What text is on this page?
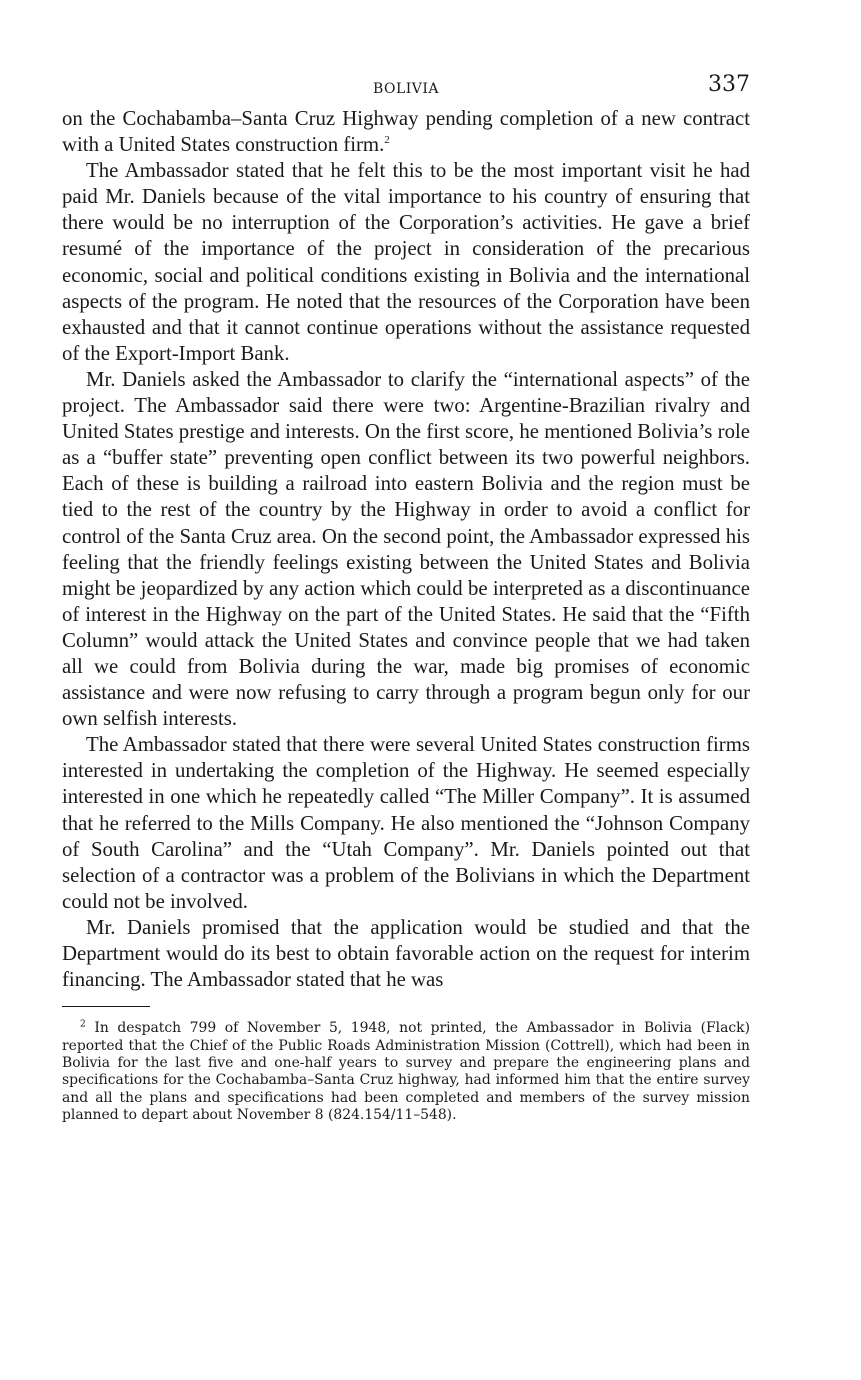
BOLIVIA	337

on the Cochabamba–Santa Cruz Highway pending completion of a new contract with a United States construction firm.$^2$

The Ambassador stated that he felt this to be the most important visit he had paid Mr. Daniels because of the vital importance to his country of ensuring that there would be no interruption of the Corporation’s activities. He gave a brief resumé of the importance of the project in consideration of the precarious economic, social and political conditions existing in Bolivia and the international aspects of the program. He noted that the resources of the Corporation have been exhausted and that it cannot continue operations without the assistance requested of the Export-Import Bank.

Mr. Daniels asked the Ambassador to clarify the “international aspects” of the project. The Ambassador said there were two: Argentine-Brazilian rivalry and United States prestige and interests. On the first score, he mentioned Bolivia’s role as a “buffer state” preventing open conflict between its two powerful neighbors. Each of these is building a railroad into eastern Bolivia and the region must be tied to the rest of the country by the Highway in order to avoid a conflict for control of the Santa Cruz area. On the second point, the Ambassador expressed his feeling that the friendly feelings existing between the United States and Bolivia might be jeopardized by any action which could be interpreted as a discontinuance of interest in the Highway on the part of the United States. He said that the “Fifth Column” would attack the United States and convince people that we had taken all we could from Bolivia during the war, made big promises of economic assistance and were now refusing to carry through a program begun only for our own selfish interests.

The Ambassador stated that there were several United States construction firms interested in undertaking the completion of the Highway. He seemed especially interested in one which he repeatedly called “The Miller Company”. It is assumed that he referred to the Mills Company. He also mentioned the “Johnson Company of South Carolina” and the “Utah Company”. Mr. Daniels pointed out that selection of a contractor was a problem of the Bolivians in which the Department could not be involved.

Mr. Daniels promised that the application would be studied and that the Department would do its best to obtain favorable action on the request for interim financing. The Ambassador stated that he was

$^2$ In despatch 799 of November 5, 1948, not printed, the Ambassador in Bolivia (Flack) reported that the Chief of the Public Roads Administration Mission (Cottrell), which had been in Bolivia for the last five and one-half years to survey and prepare the engineering plans and specifications for the Cochabamba–Santa Cruz highway, had informed him that the entire survey and all the plans and specifications had been completed and members of the survey mission planned to depart about November 8 (824.154/11–548).
